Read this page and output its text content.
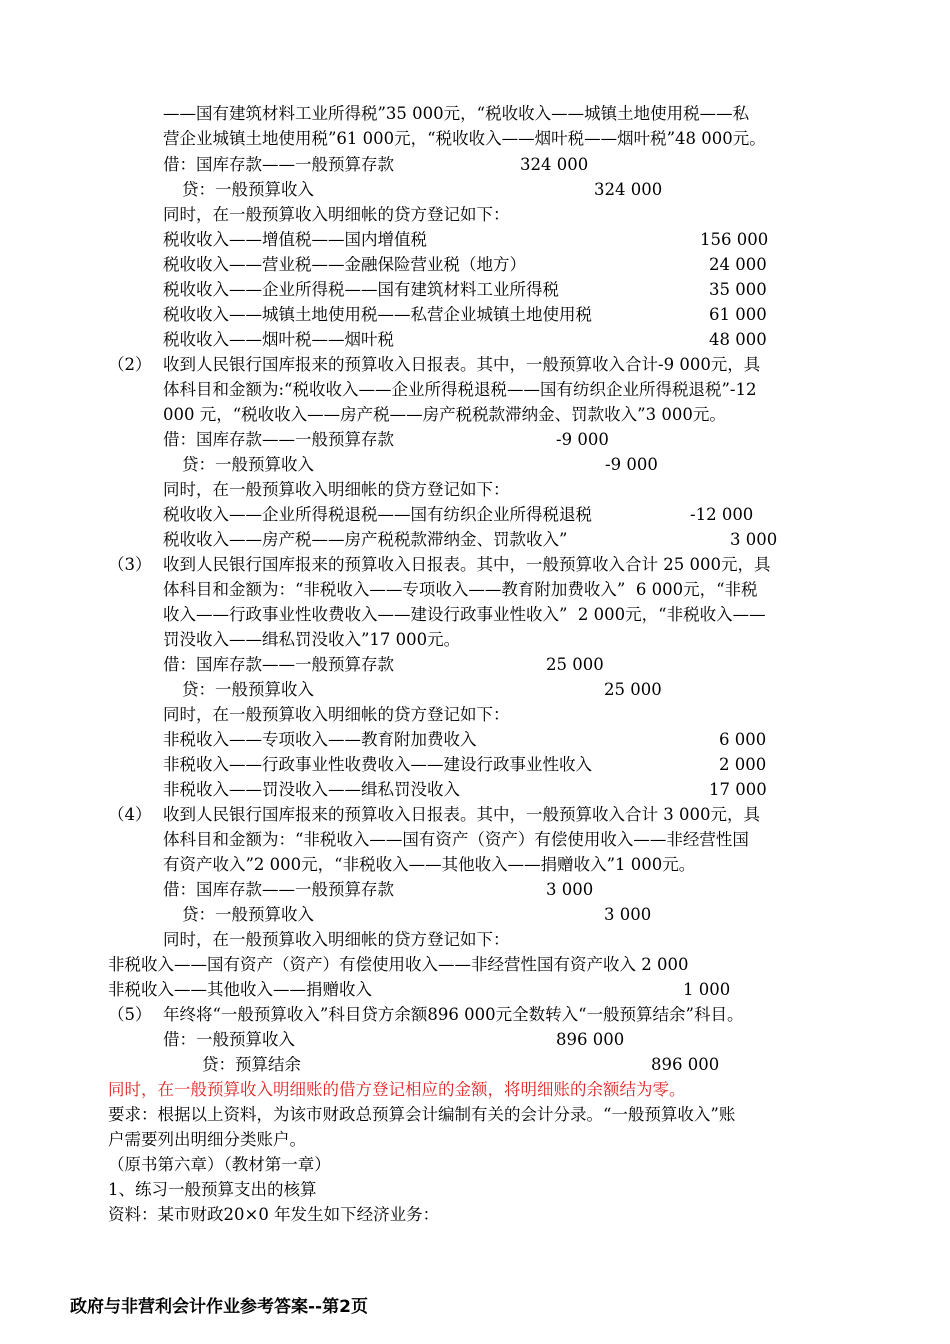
——国有建筑材料工业所得税”35 000元，“税收收入——城镇土地使用税——私
营企业城镇土地使用税”61 000元，“税收收入——烟叶税——烟叶税”48 000元。
借：国库存款——一般预算存款	324 000
贷：一般预算收入	324 000
同时，在一般预算收入明细帐的贷方登记如下：
税收收入——增值税——国内增值税	156 000
税收收入——营业税——金融保险营业税（地方）	24 000
税收收入——企业所得税——国有建筑材料工业所得税	35 000
税收收入——城镇土地使用税——私营企业城镇土地使用税	61 000
税收收入——烟叶税——烟叶税	48 000
（2） 收到人民银行国库报来的预算收入日报表。其中，一般预算收入合计-9 000元，具
体科目和金额为:“税收收入——企业所得税退税——国有纺织企业所得税退税”-12
000 元，“税收收入——房产税——房产税税款滞纳金、罚款收入”3 000元。
借：国库存款——一般预算存款	-9 000
贷：一般预算收入	-9 000
同时，在一般预算收入明细帐的贷方登记如下：
税收收入——企业所得税退税——国有纺织企业所得税退税	-12 000
税收收入——房产税——房产税税款滞纳金、罚款收入”	3 000
（3） 收到人民银行国库报来的预算收入日报表。其中，一般预算收入合计 25 000元，具
体科目和金额为：“非税收入——专项收入——教育附加费收入”  6 000元，“非税
收入——行政事业性收费收入——建设行政事业性收入”  2 000元，“非税收入——
罚没收入——缉私罚没收入”17 000元。
借：国库存款——一般预算存款	25 000
贷：一般预算收入	25 000
同时，在一般预算收入明细帐的贷方登记如下：
非税收入——专项收入——教育附加费收入	6 000
非税收入——行政事业性收费收入——建设行政事业性收入	2 000
非税收入——罚没收入——缉私罚没收入	17 000
（4） 收到人民银行国库报来的预算收入日报表。其中，一般预算收入合计 3 000元，具
体科目和金额为：“非税收入——国有资产（资产）有偿使用收入——非经营性国
有资产收入”2 000元，“非税收入——其他收入——捐赠收入”1 000元。
借：国库存款——一般预算存款	3 000
贷：一般预算收入	3 000
同时，在一般预算收入明细帐的贷方登记如下：
非税收入——国有资产（资产）有偿使用收入——非经营性国有资产收入 2 000
非税收入——其他收入——捐赠收入	1 000
（5） 年终将“一般预算收入”科目贷方余额896 000元全数转入“一般预算结余”科目。
借：一般预算收入	896 000
贷：预算结余	896 000
同时，在一般预算收入明细账的借方登记相应的金额，将明细账的余额结为零。
要求：根据以上资料，为该市财政总预算会计编制有关的会计分录。“一般预算收入”账
户需要列出明细分类账户。
（原书第六章）（教材第一章）
1、练习一般预算支出的核算
资料：某市财政20×0 年发生如下经济业务：
政府与非营利会计作业参考答案--第2页
